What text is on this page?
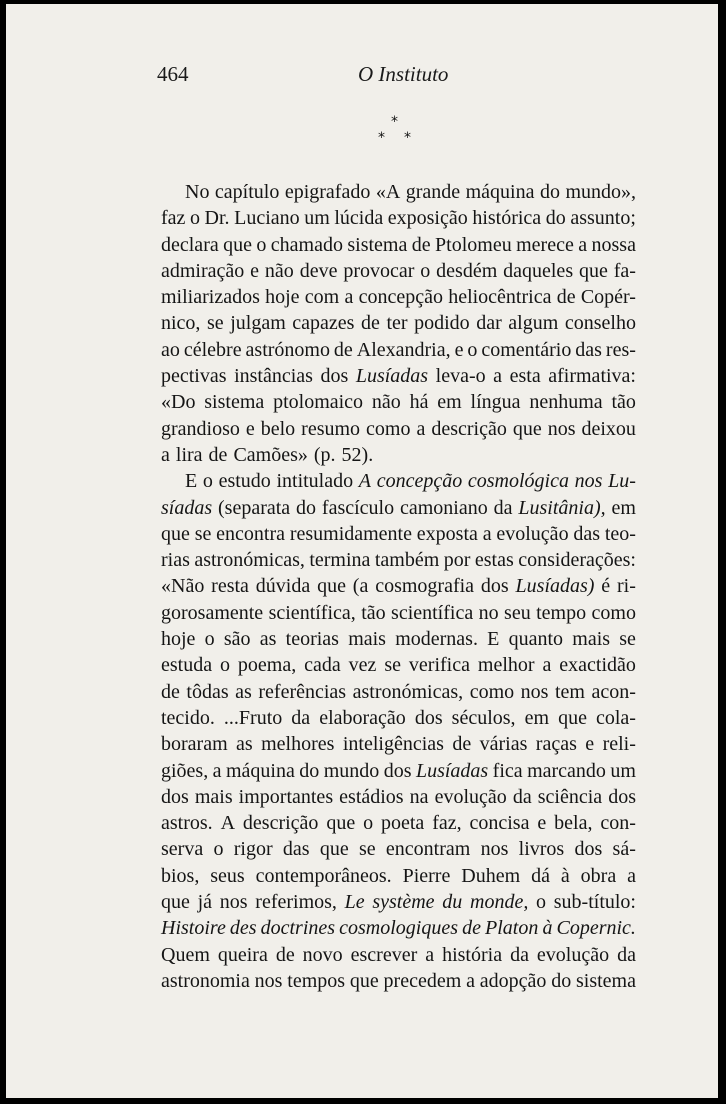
464	O Instituto
*
* *
No capítulo epigrafado «A grande máquina do mundo»,
faz o Dr. Luciano um lúcida exposição histórica do assunto;
declara que o chamado sistema de Ptolomeu merece a nossa
admiração e não deve provocar o desdém daqueles que fa-
miliarizados hoje com a concepção heliocêntrica de Copér-
nico, se julgam capazes de ter podido dar algum conselho
ao célebre astrónomo de Alexandria, e o comentário das res-
pectivas instâncias dos Lusíadas leva-o a esta afirmativa:
«Do sistema ptolomaico não há em língua nenhuma tão
grandioso e belo resumo como a descrição que nos deixou
a lira de Camões» (p. 52).
E o estudo intitulado A concepção cosmológica nos Lu-
síadas (separata do fascículo camoniano da Lusitânia), em
que se encontra resumidamente exposta a evolução das teo-
rias astronómicas, termina também por estas considerações:
«Não resta dúvida que (a cosmografia dos Lusíadas) é ri-
gorosamente scientífica, tão scientífica no seu tempo como
hoje o são as teorias mais modernas. E quanto mais se
estuda o poema, cada vez se verifica melhor a exactidão
de tôdas as referências astronómicas, como nos tem acon-
tecido. ...Fruto da elaboração dos séculos, em que cola-
boraram as melhores inteligências de várias raças e reli-
giões, a máquina do mundo dos Lusíadas fica marcando um
dos mais importantes estádios na evolução da sciência dos
astros. A descrição que o poeta faz, concisa e bela, con-
serva o rigor das que se encontram nos livros dos sá-
bios, seus contemporâneos. Pierre Duhem dá à obra a
que já nos referimos, Le système du monde, o sub-título:
Histoire des doctrines cosmologiques de Platon à Copernic.
Quem queira de novo escrever a história da evolução da
astronomia nos tempos que precedem a adopção do sistema
